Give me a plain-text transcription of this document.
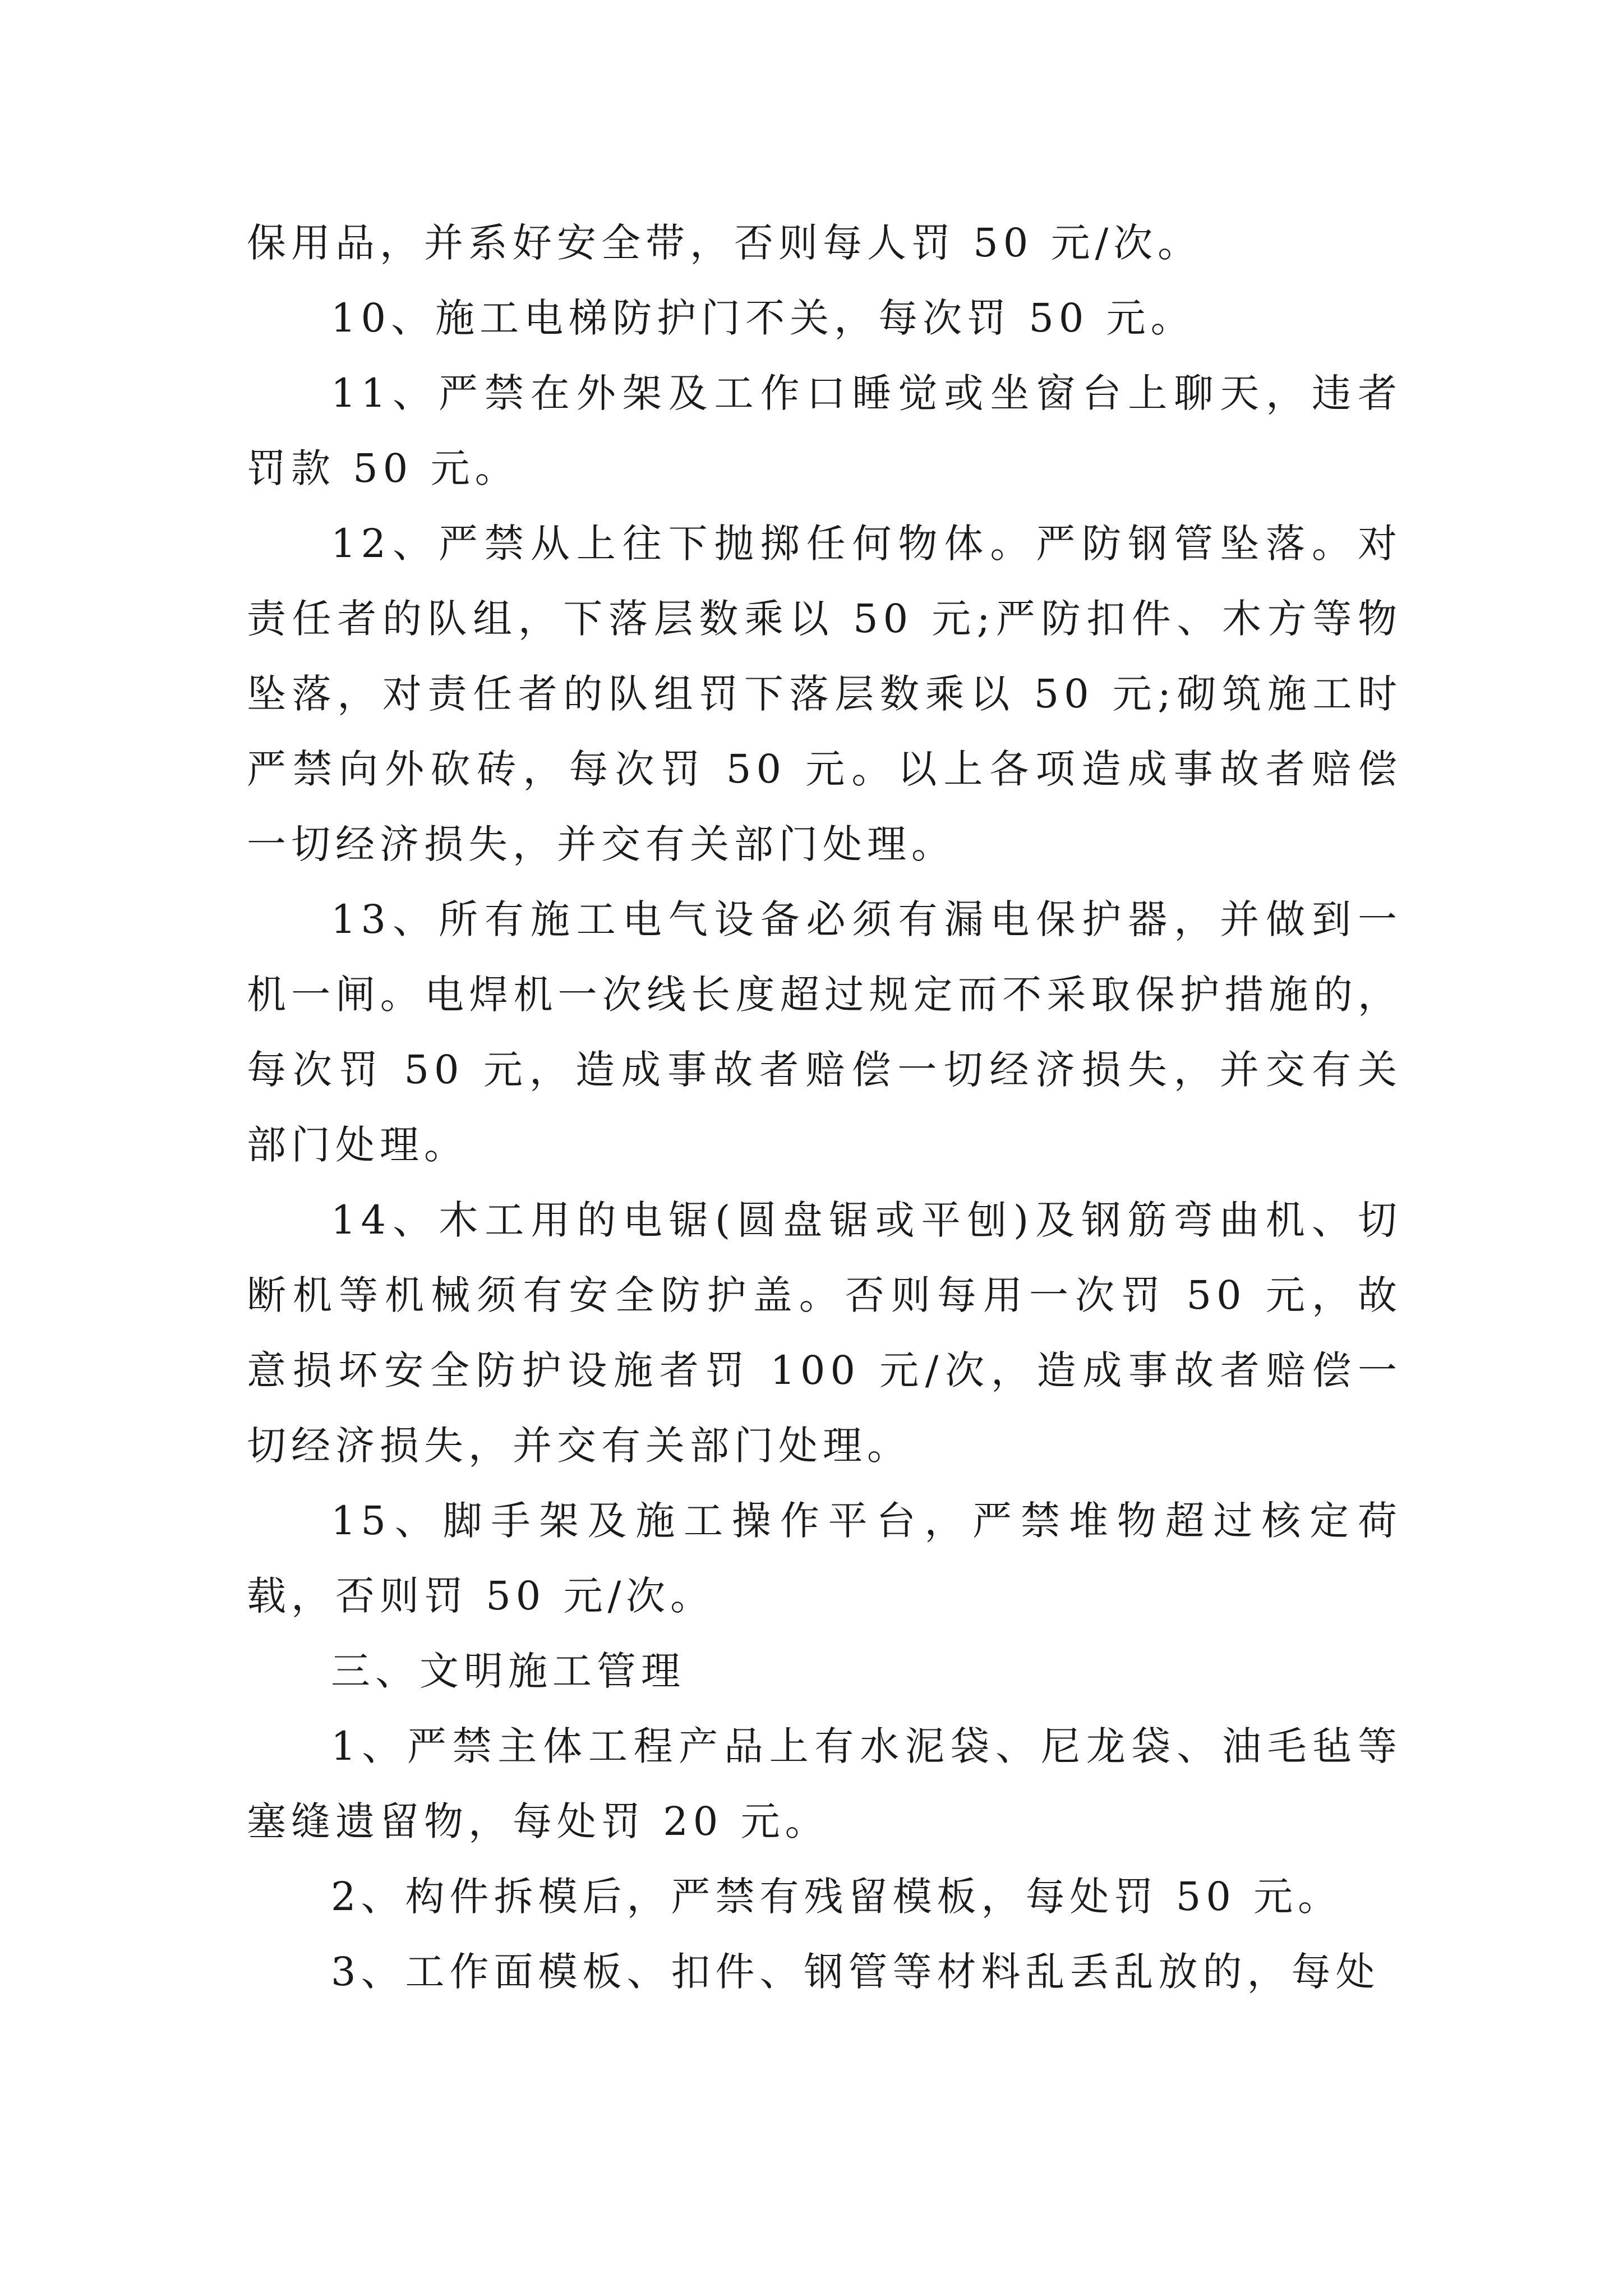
保用品，并系好安全带，否则每人罚 50 元/次。

10、施工电梯防护门不关，每次罚 50 元。

11、严禁在外架及工作口睡觉或坐窗台上聊天，违者罚款 50 元。

12、严禁从上往下抛掷任何物体。严防钢管坠落。对责任者的队组，下落层数乘以 50 元;严防扣件、木方等物坠落，对责任者的队组罚下落层数乘以 50 元;砌筑施工时严禁向外砍砖，每次罚 50 元。以上各项造成事故者赔偿一切经济损失，并交有关部门处理。

13、所有施工电气设备必须有漏电保护器，并做到一机一闸。电焊机一次线长度超过规定而不采取保护措施的，每次罚 50 元，造成事故者赔偿一切经济损失，并交有关部门处理。

14、木工用的电锯(圆盘锯或平刨)及钢筋弯曲机、切断机等机械须有安全防护盖。否则每用一次罚 50 元，故意损坏安全防护设施者罚 100 元/次，造成事故者赔偿一切经济损失，并交有关部门处理。

15、脚手架及施工操作平台，严禁堆物超过核定荷载，否则罚 50 元/次。

三、文明施工管理

1、严禁主体工程产品上有水泥袋、尼龙袋、油毛毡等塞缝遗留物，每处罚 20 元。

2、构件拆模后，严禁有残留模板，每处罚 50 元。

3、工作面模板、扣件、钢管等材料乱丢乱放的，每处
